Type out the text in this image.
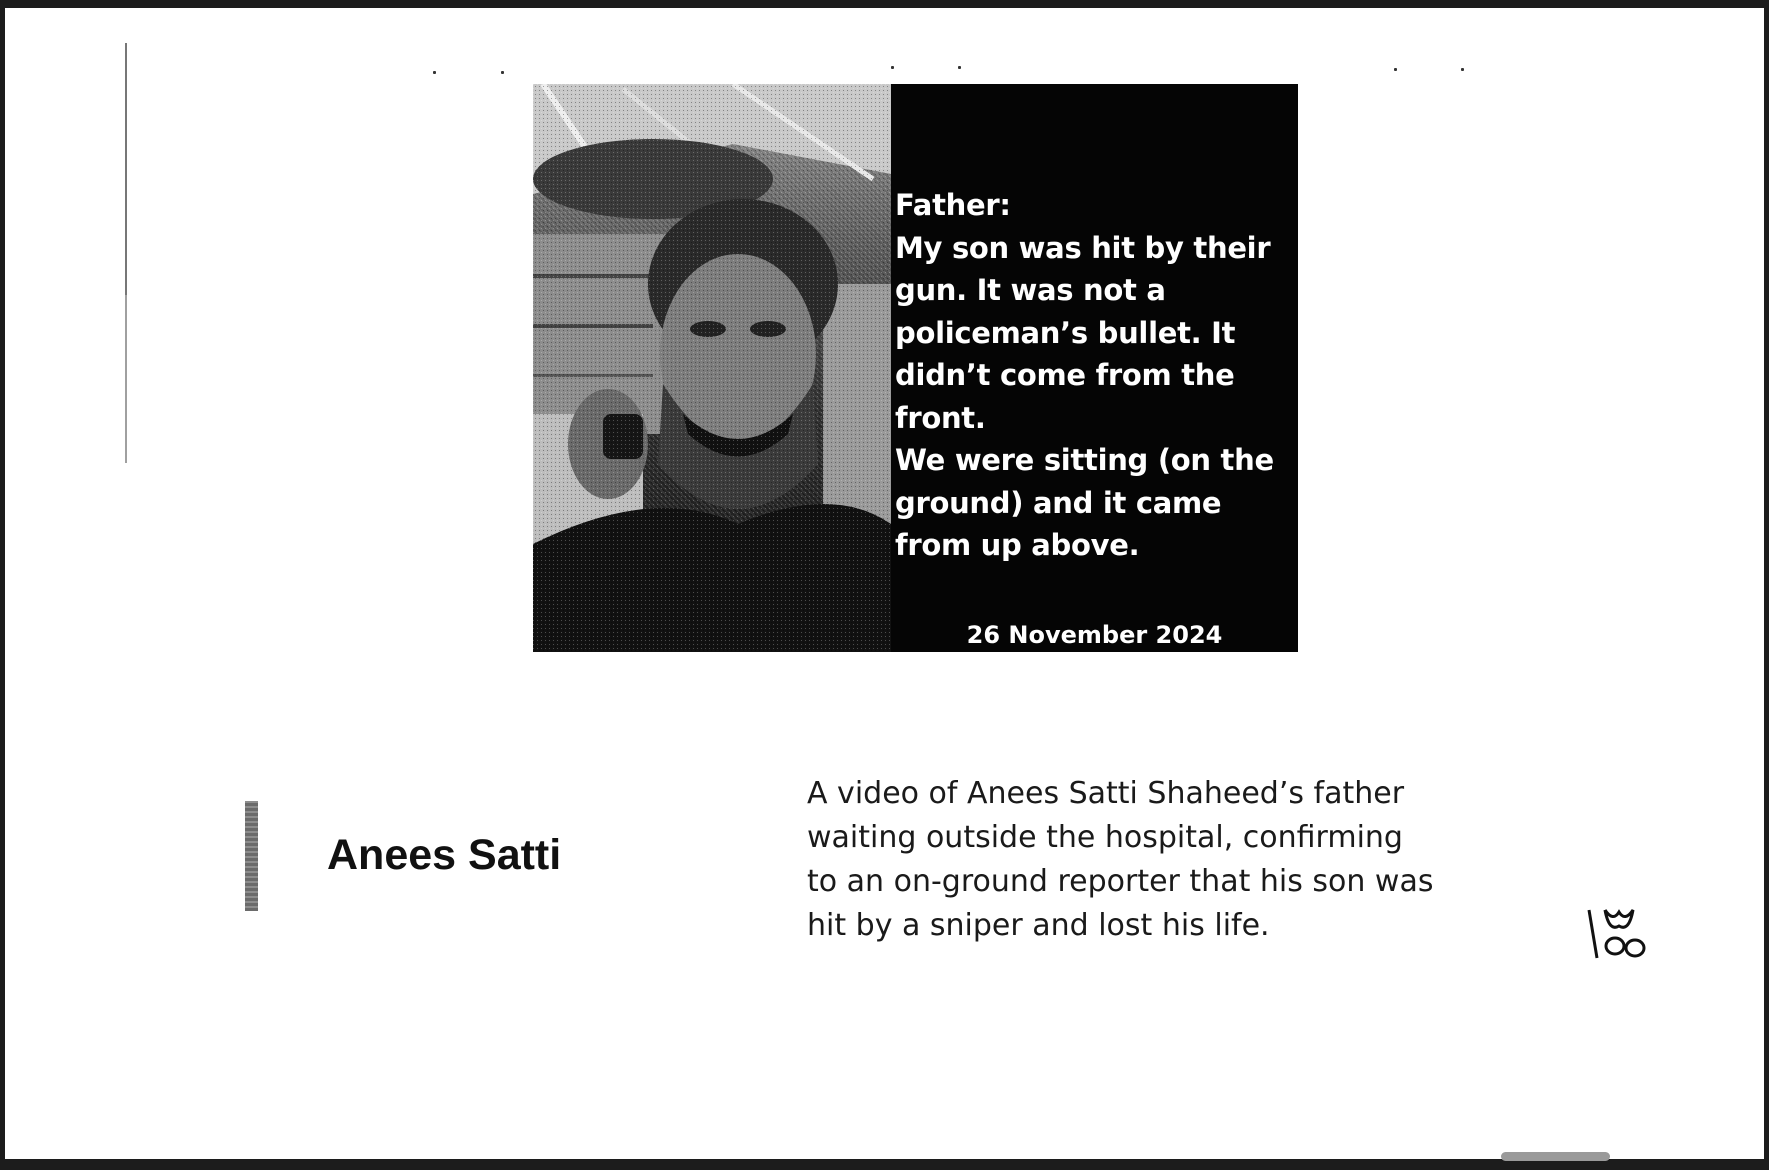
Father:
My son was hit by their
gun. It was not a
policeman’s bullet. It
didn’t come from the
front.
We were sitting (on the
ground) and it came
from up above.
26 November 2024
Anees Satti
A video of Anees Satti Shaheed’s father
waiting outside the hospital, confirming
to an on-ground reporter that his son was
hit by a sniper and lost his life.
